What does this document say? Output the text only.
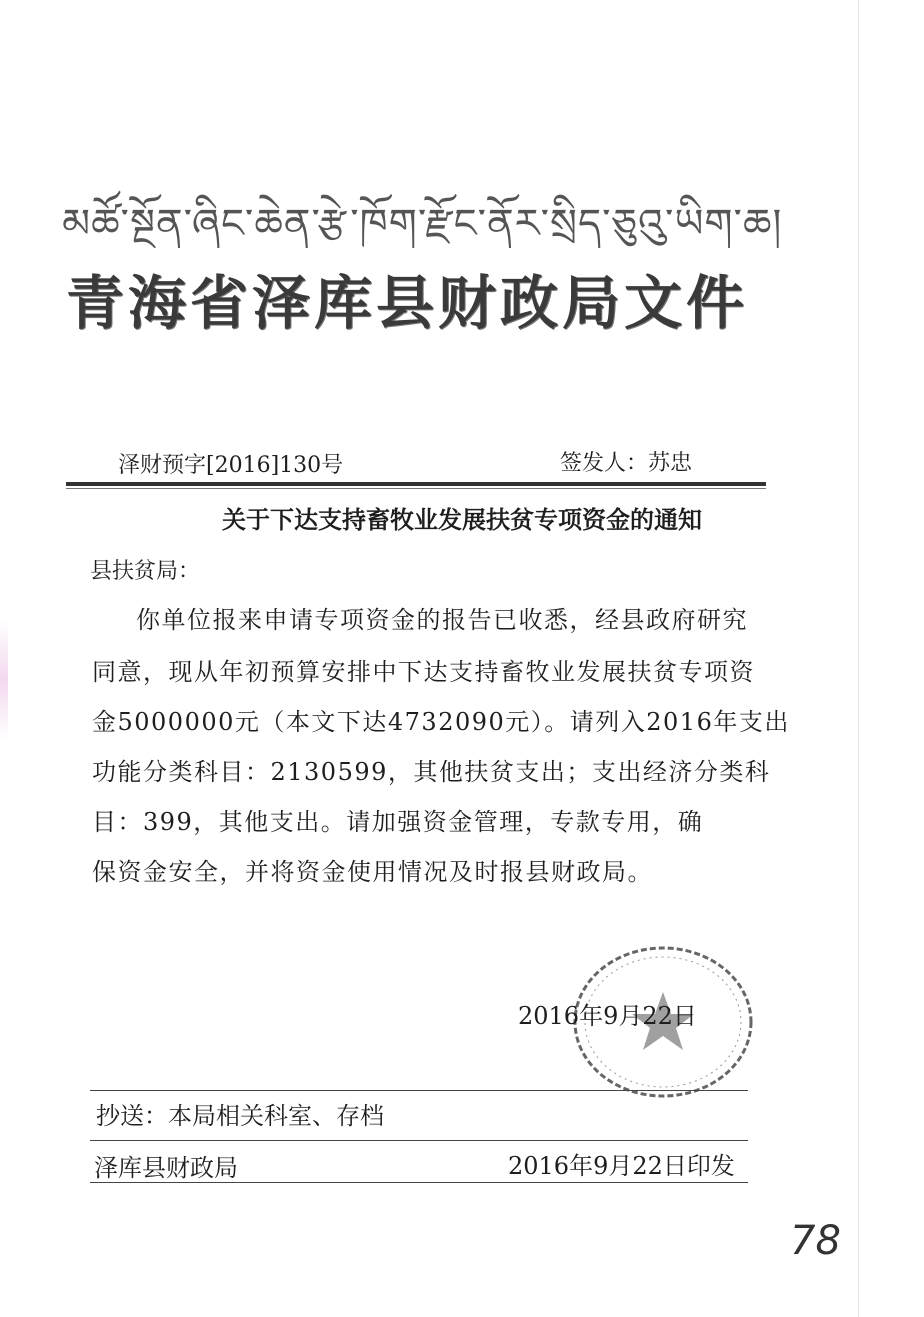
མཚོ་སྔོན་ཞིང་ཆེན་རྩེ་ཁོག་རྫོང་ནོར་སྲིད་ཅུའུ་ཡིག་ཆ།
青海省泽库县财政局文件
泽财预字[2016]130号	签发人：苏忠
关于下达支持畜牧业发展扶贫专项资金的通知
县扶贫局：
你单位报来申请专项资金的报告已收悉，经县政府研究
同意，现从年初预算安排中下达支持畜牧业发展扶贫专项资
金5000000元（本文下达4732090元）。请列入2016年支出
功能分类科目：2130599，其他扶贫支出；支出经济分类科
目：399，其他支出。请加强资金管理，专款专用，确
保资金安全，并将资金使用情况及时报县财政局。
2016年9月22日
抄送：本局相关科室、存档
泽库县财政局	2016年9月22日印发
78
